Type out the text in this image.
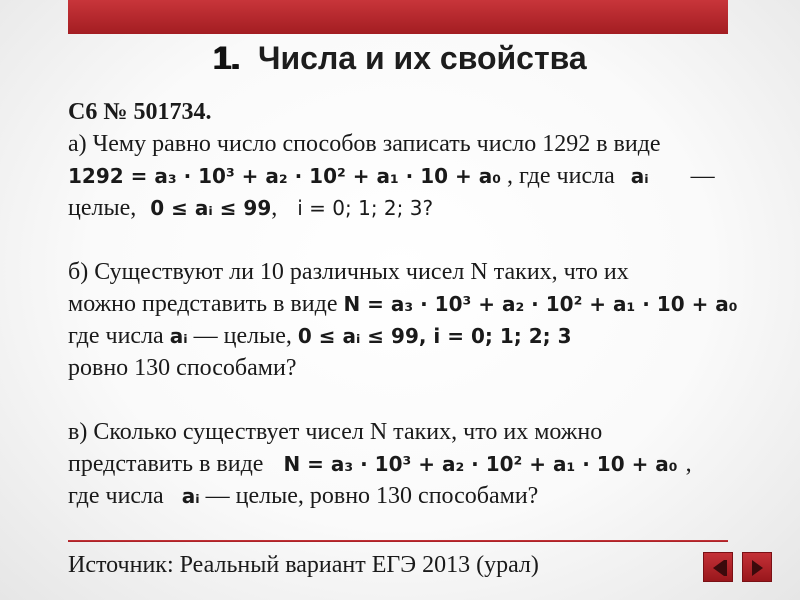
1. Числа и их свойства
С6 № 501734.
а) Чему равно число способов записать число 1292 в виде
1292 = a₃ · 10³ + a₂ · 10² + a₁ · 10 + a₀ , где числа aᵢ —
целые, 0 ≤ aᵢ ≤ 99, i = 0; 1; 2; 3?
б) Существуют ли 10 различных чисел N таких, что их
можно представить в виде N = a₃ · 10³ + a₂ · 10² + a₁ · 10 + a₀
где числа aᵢ — целые, 0 ≤ aᵢ ≤ 99, i = 0; 1; 2; 3
ровно 130 способами?
в) Сколько существует чисел N таких, что их можно
представить в виде N = a₃ · 10³ + a₂ · 10² + a₁ · 10 + a₀ ,
где числа aᵢ — целые, ровно 130 способами?
Источник: Реальный вариант ЕГЭ 2013 (урал)
